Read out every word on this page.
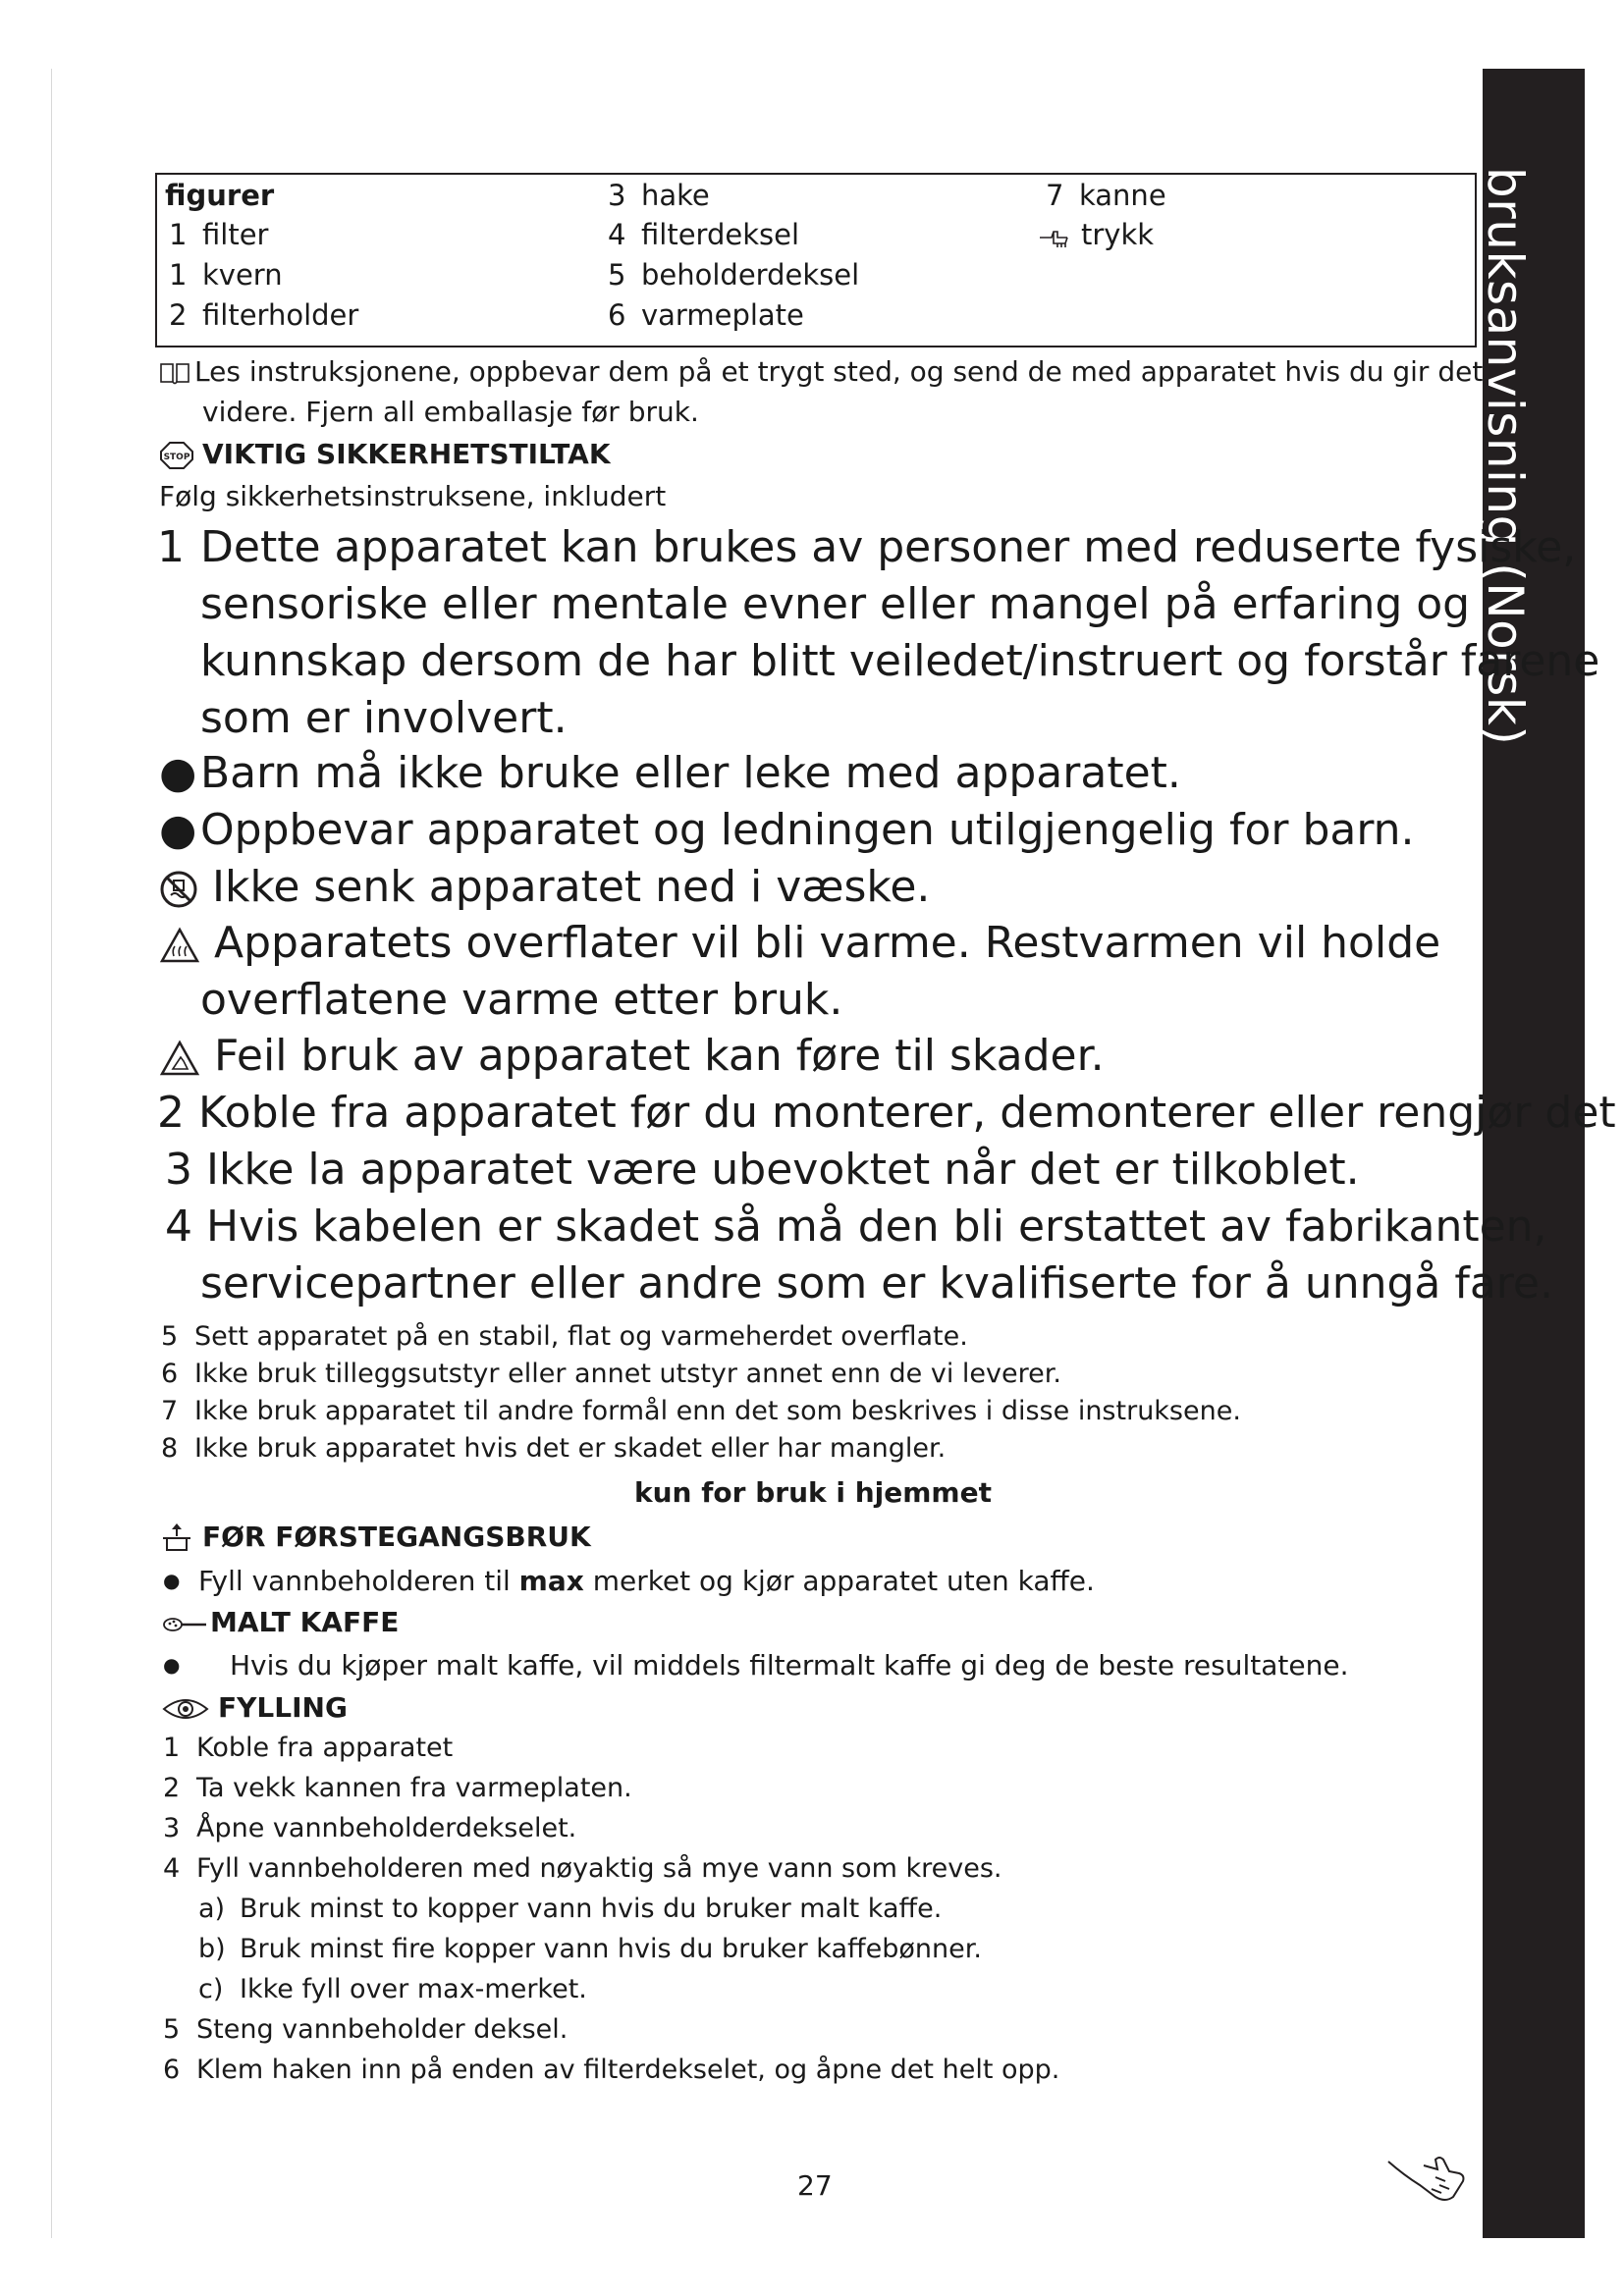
bruksanvisning (Norsk)
figurer
1 filter
1 kvern
2 filterholder
3 hake
4 filterdeksel
5 beholderdeksel
6 varmeplate
7 kanne
trykk
Les instruksjonene, oppbevar dem på et trygt sted, og send de med apparatet hvis du gir det
videre. Fjern all emballasje før bruk.
STOP VIKTIG SIKKERHETSTILTAK
Følg sikkerhetsinstruksene, inkludert
1 Dette apparatet kan brukes av personer med reduserte fysiske,
sensoriske eller mentale evner eller mangel på erfaring og
kunnskap dersom de har blitt veiledet/instruert og forstår farene
som er involvert.
●Barn må ikke bruke eller leke med apparatet.
●Oppbevar apparatet og ledningen utilgjengelig for barn.
Ikke senk apparatet ned i væske.
Apparatets overflater vil bli varme. Restvarmen vil holde
overflatene varme etter bruk.
Feil bruk av apparatet kan føre til skader.
2 Koble fra apparatet før du monterer, demonterer eller rengjør det
3 Ikke la apparatet være ubevoktet når det er tilkoblet.
4 Hvis kabelen er skadet så må den bli erstattet av fabrikanten,
servicepartner eller andre som er kvalifiserte for å unngå fare.
5 Sett apparatet på en stabil, flat og varmeherdet overflate.
6 Ikke bruk tilleggsutstyr eller annet utstyr annet enn de vi leverer.
7 Ikke bruk apparatet til andre formål enn det som beskrives i disse instruksene.
8 Ikke bruk apparatet hvis det er skadet eller har mangler.
kun for bruk i hjemmet
FØR FØRSTEGANGSBRUK
● Fyll vannbeholderen til max merket og kjør apparatet uten kaffe.
MALT KAFFE
● Hvis du kjøper malt kaffe, vil middels filtermalt kaffe gi deg de beste resultatene.
FYLLING
1 Koble fra apparatet
2 Ta vekk kannen fra varmeplaten.
3 Åpne vannbeholderdekselet.
4 Fyll vannbeholderen med nøyaktig så mye vann som kreves.
a) Bruk minst to kopper vann hvis du bruker malt kaffe.
b) Bruk minst fire kopper vann hvis du bruker kaffebønner.
c) Ikke fyll over max-merket.
5 Steng vannbeholder deksel.
6 Klem haken inn på enden av filterdekselet, og åpne det helt opp.
27
